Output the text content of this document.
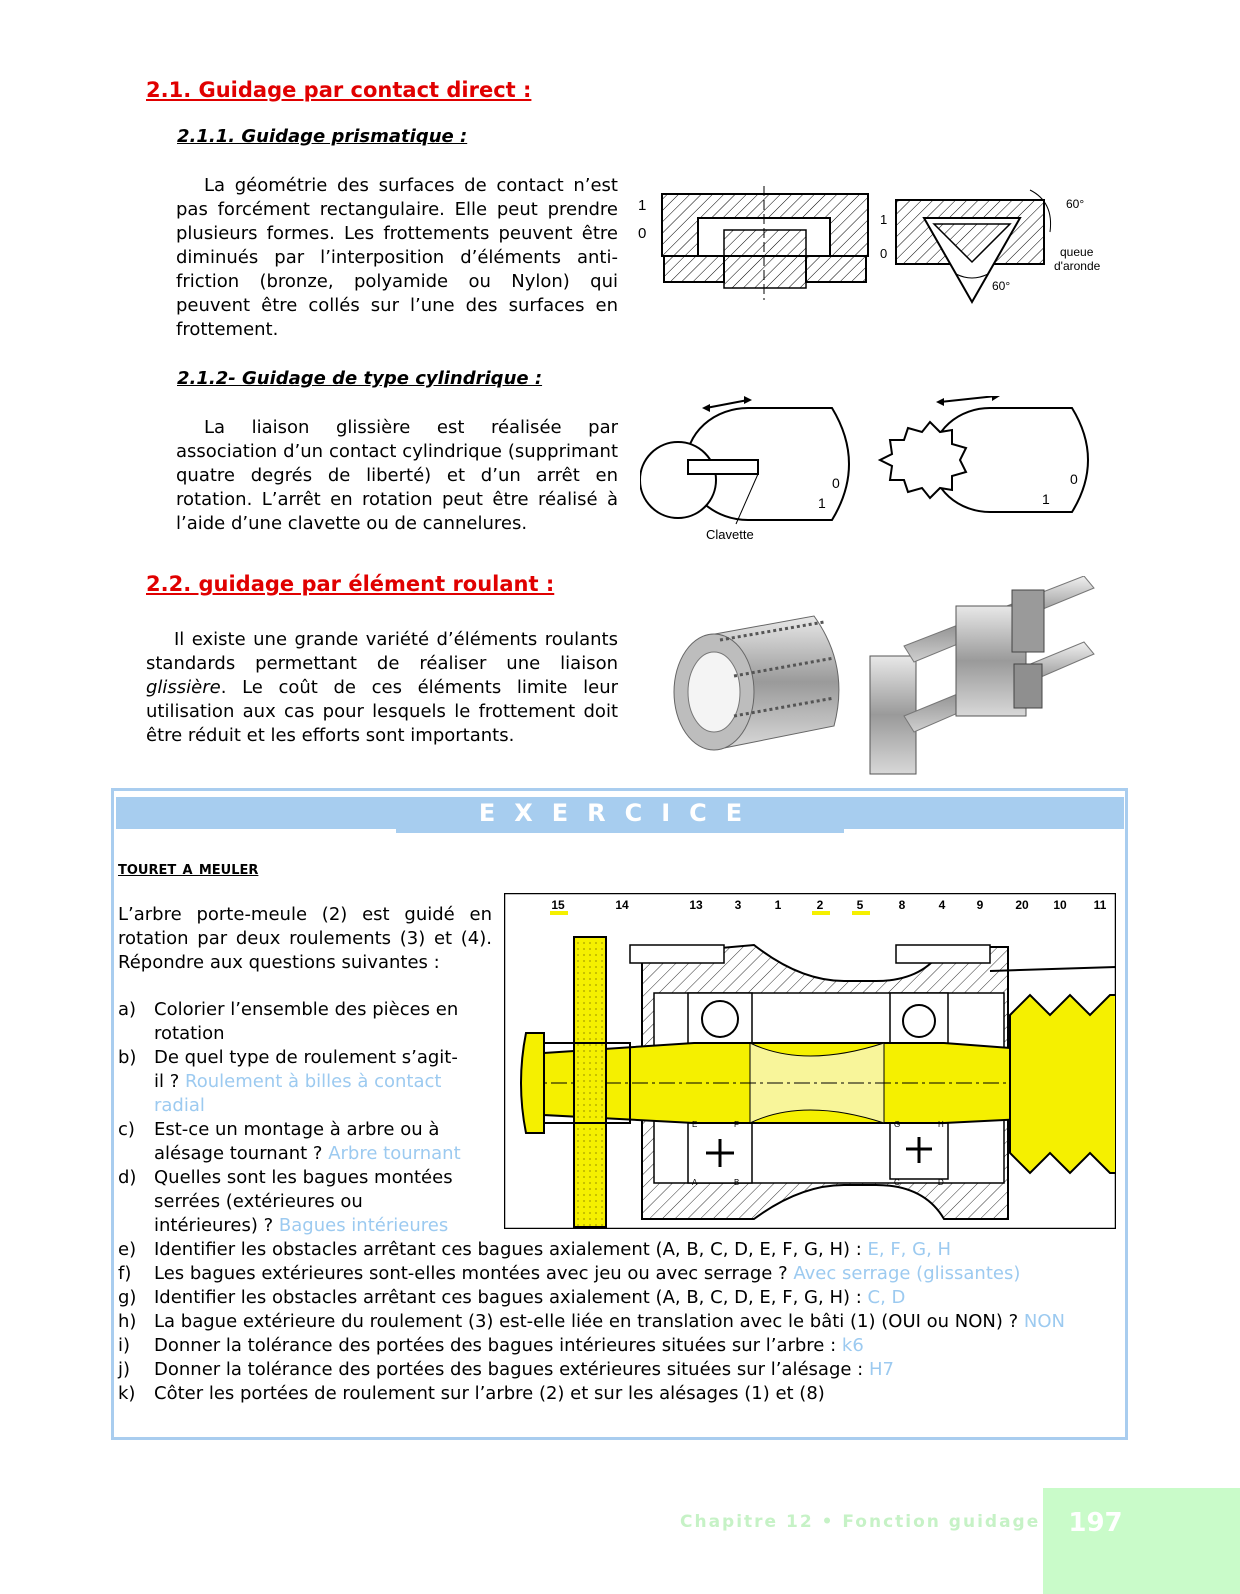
2.1. Guidage par contact direct :
2.1.1. Guidage prismatique :

La géométrie des surfaces de contact n’est pas forcément rectangulaire. Elle peut prendre plusieurs formes. Les frottements peuvent être diminués par l’interposition d’éléments anti-friction (bronze, polyamide ou Nylon) qui peuvent être collés sur l’une des surfaces en frottement.

1
0
1
0
60°
60°
queue
d'aronde
2.1.2- Guidage de type cylindrique :

La liaison glissière est réalisée par association d’un contact cylindrique (supprimant quatre degrés de liberté) et d’un arrêt en rotation. L’arrêt en rotation peut être réalisé à l’aide d’une clavette ou de cannelures.

0
1
Clavette
0
1
2.2. guidage par élément roulant :

Il existe une grande variété d’éléments roulants standards permettant de réaliser une liaison glissière. Le coût de ces éléments limite leur utilisation aux cas pour lesquels le frottement doit être réduit et les efforts sont importants.

EXERCICE RESOLU
touret a meuler

L’arbre porte-meule (2) est guidé en rotation par deux roulements (3) et (4). Répondre aux questions suivantes :

a) Colorier l’ensemble des pièces en
rotation
b) De quel type de roulement s’agit-
il ? Roulement à billes à contact
radial
c) Est-ce un montage à arbre ou à
alésage tournant ? Arbre tournant
d) Quelles sont les bagues montées
serrées (extérieures ou
intérieures) ? Bagues intérieures
e) Identifier les obstacles arrêtant ces bagues axialement (A, B, C, D, E, F, G, H) : E, F, G, H
f) Les bagues extérieures sont-elles montées avec jeu ou avec serrage ? Avec serrage (glissantes)
g) Identifier les obstacles arrêtant ces bagues axialement (A, B, C, D, E, F, G, H) : C, D
h) La bague extérieure du roulement (3) est-elle liée en translation avec le bâti (1) (OUI ou NON) ? NON
i) Donner la tolérance des portées des bagues intérieures situées sur l’arbre : k6
j) Donner la tolérance des portées des bagues extérieures situées sur l’alésage : H7
k) Côter les portées de roulement sur l’arbre (2) et sur les alésages (1) et (8)
15	14	13	3	1	2	5	8	4	9	20 10 11
A	B	C	D
E	F	G	H
Chapitre 12 • Fonction guidage	197
